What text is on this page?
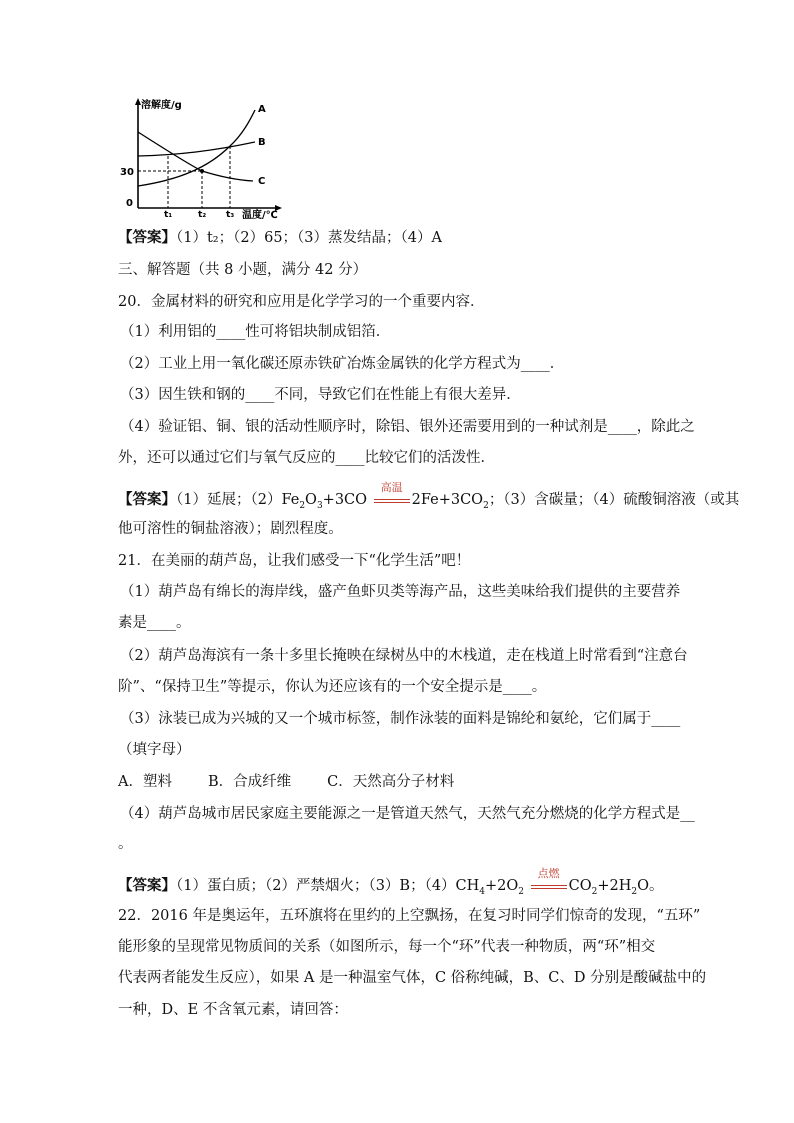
溶解度/g
温度/℃
30
0
A
B
C
t₁	t₂ t₃
【答案】（1）t₂；（2）65；（3）蒸发结晶；（4）A
三、解答题（共 8 小题，满分 42 分）
20．金属材料的研究和应用是化学学习的一个重要内容．
（1）利用铝的____性可将铝块制成铝箔．
（2）工业上用一氧化碳还原赤铁矿冶炼金属铁的化学方程式为____．
（3）因生铁和钢的____不同，导致它们在性能上有很大差异．
（4）验证铝、铜、银的活动性顺序时，除铝、银外还需要用到的一种试剂是____，除此之
外，还可以通过它们与氧气反应的____比较它们的活泼性．
【答案】（1）延展；$(2)Fe_2O_3+3CO$
高温
$2Fe+3CO_2$；（3）含碳量；（4）硫酸铜溶液（或其
他可溶性的铜盐溶液）；剧烈程度。
21．在美丽的葫芦岛，让我们感受一下“化学生活”吧！
（1）葫芦岛有绵长的海岸线，盛产鱼虾贝类等海产品，这些美味给我们提供的主要营养
素是____。
（2）葫芦岛海滨有一条十多里长掩映在绿树丛中的木栈道，走在栈道上时常看到“注意台
阶”、“保持卫生”等提示，你认为还应该有的一个安全提示是____。
（3）泳装已成为兴城的又一个城市标签，制作泳装的面料是锦纶和氨纶，它们属于____
（填字母）
A．塑料 B．合成纤维 C．天然高分子材料
（4）葫芦岛城市居民家庭主要能源之一是管道天然气，天然气充分燃烧的化学方程式是__
。
【答案】（1）蛋白质；（2）严禁烟火；（3）B；$(4)CH_4+2O_2$
点燃
$CO_2+2H_2O$。
22．2016 年是奥运年，五环旗将在里约的上空飘扬，在复习时同学们惊奇的发现，“五环”
能形象的呈现常见物质间的关系（如图所示，每一个“环”代表一种物质，两“环”相交
代表两者能发生反应），如果 A 是一种温室气体，C 俗称纯碱，B、C、D 分别是酸碱盐中的
一种，D、E 不含氧元素，请回答：
